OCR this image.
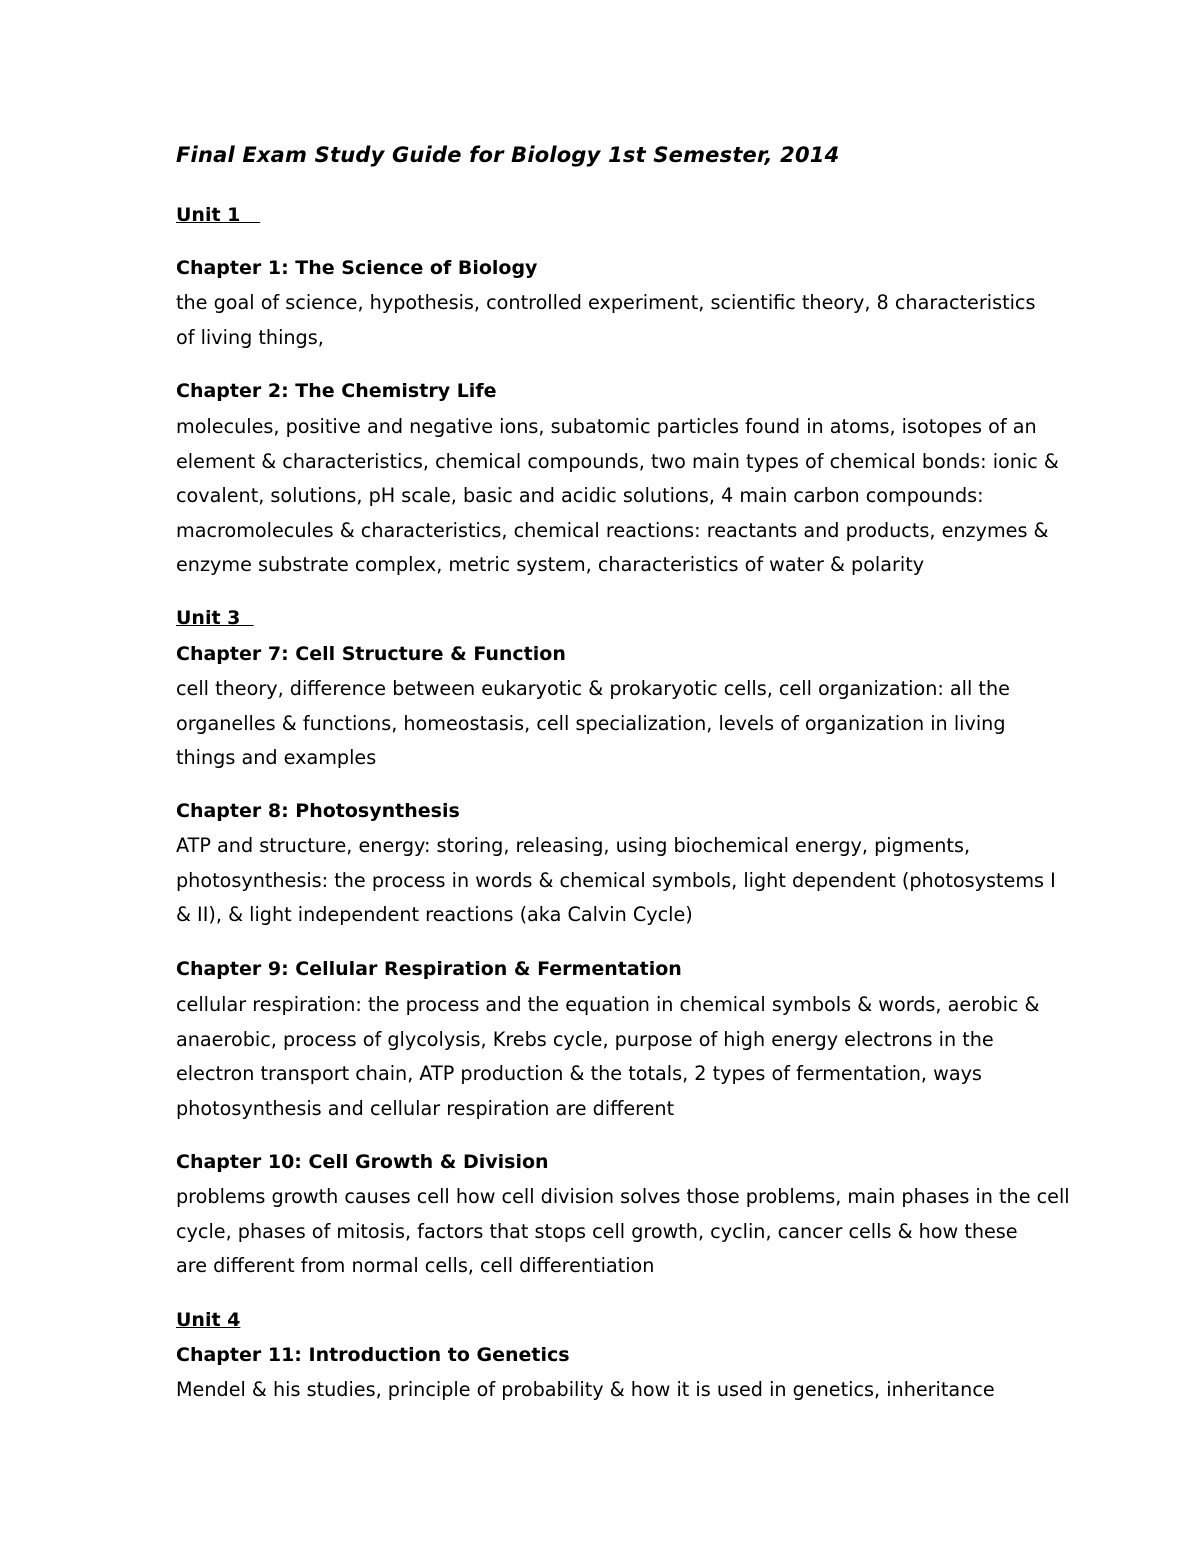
Final Exam Study Guide for Biology 1st Semester, 2014
Unit 1
Chapter 1: The Science of Biology
the goal of science, hypothesis, controlled experiment, scientific theory, 8 characteristics
of living things,
Chapter 2: The Chemistry Life
molecules, positive and negative ions, subatomic particles found in atoms, isotopes of an
element & characteristics, chemical compounds, two main types of chemical bonds: ionic &
covalent, solutions, pH scale, basic and acidic solutions, 4 main carbon compounds:
macromolecules & characteristics, chemical reactions: reactants and products, enzymes &
enzyme substrate complex, metric system, characteristics of water & polarity
Unit 3
Chapter 7: Cell Structure & Function
cell theory, difference between eukaryotic & prokaryotic cells, cell organization: all the
organelles & functions, homeostasis, cell specialization, levels of organization in living
things and examples
Chapter 8: Photosynthesis
ATP and structure, energy: storing, releasing, using biochemical energy, pigments,
photosynthesis: the process in words & chemical symbols, light dependent (photosystems I
& II), & light independent reactions (aka Calvin Cycle)
Chapter 9: Cellular Respiration & Fermentation
cellular respiration: the process and the equation in chemical symbols & words, aerobic &
anaerobic, process of glycolysis, Krebs cycle, purpose of high energy electrons in the
electron transport chain, ATP production & the totals, 2 types of fermentation, ways
photosynthesis and cellular respiration are different
Chapter 10: Cell Growth & Division
problems growth causes cell how cell division solves those problems, main phases in the cell
cycle, phases of mitosis, factors that stops cell growth, cyclin, cancer cells & how these
are different from normal cells, cell differentiation
Unit 4
Chapter 11: Introduction to Genetics
Mendel & his studies, principle of probability & how it is used in genetics, inheritance
